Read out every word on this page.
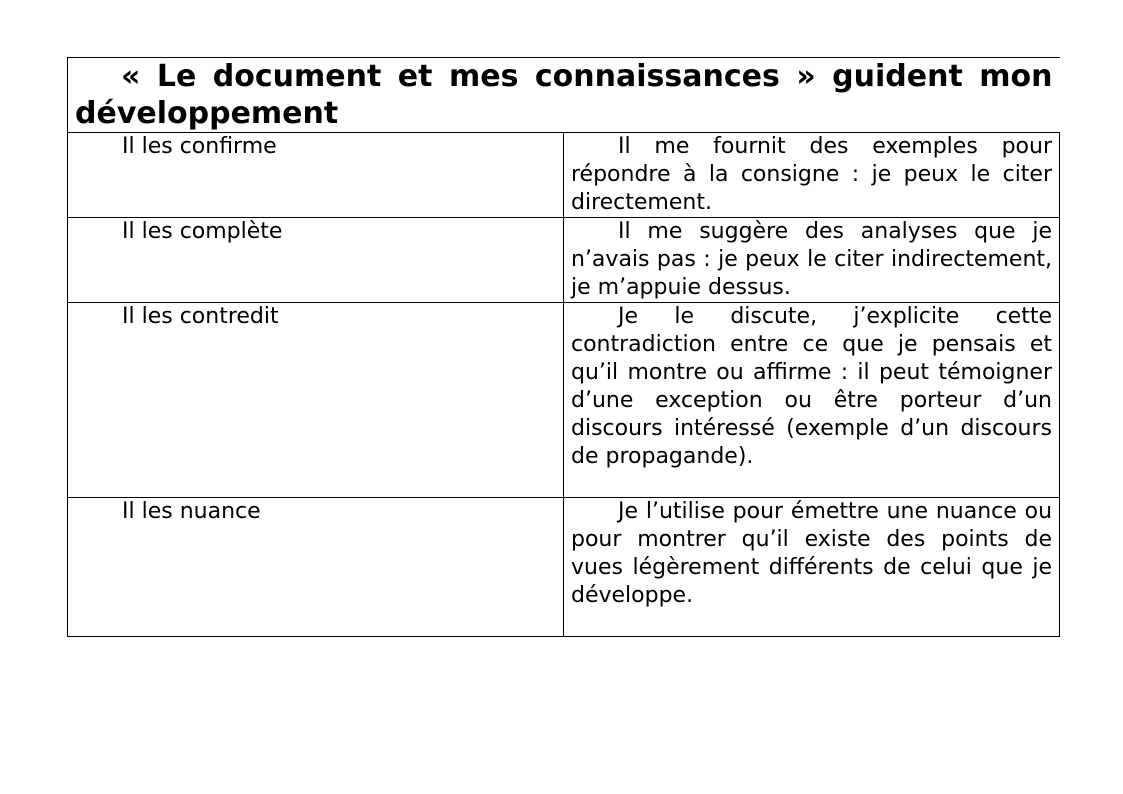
« Le document et mes connaissances » guident mon développement	

Il les confirme	Il me fournit des exemples pour répondre à la consigne : je peux le citer directement.

Il les complète	Il me suggère des analyses que je n’avais pas : je peux le citer indirectement, je m’appuie dessus.

Il les contredit	Je le discute, j’explicite cette contradiction entre ce que je pensais et qu’il montre ou affirme : il peut témoigner d’une exception ou être porteur d’un discours intéressé (exemple d’un discours de propagande).

Il les nuance	Je l’utilise pour émettre une nuance ou pour montrer qu’il existe des points de vues légèrement différents de celui que je développe.
